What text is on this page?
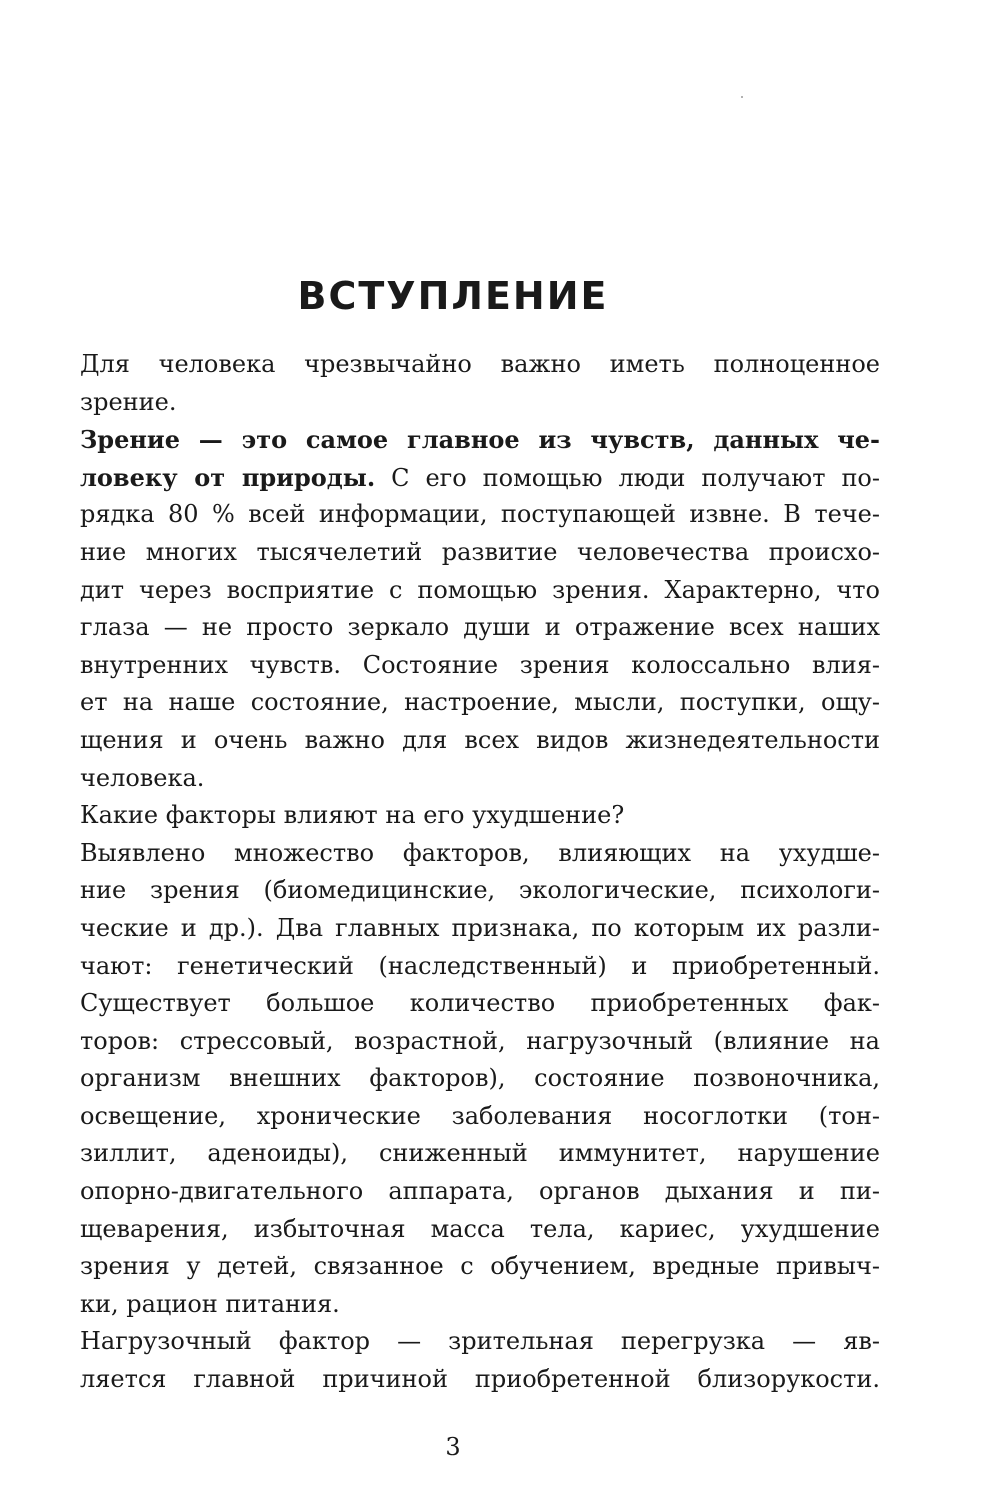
ВСТУПЛЕНИЕ
Для человека чрезвычайно важно иметь полноценное
зрение.
Зрение — это самое главное из чувств, данных че-
ловеку от природы. С его помощью люди получают по-
рядка 80 % всей информации, поступающей извне. В тече-
ние многих тысячелетий развитие человечества происхо-
дит через восприятие с помощью зрения. Характерно, что
глаза — не просто зеркало души и отражение всех наших
внутренних чувств. Состояние зрения колоссально влия-
ет на наше состояние, настроение, мысли, поступки, ощу-
щения и очень важно для всех видов жизнедеятельности
человека.
Какие факторы влияют на его ухудшение?
Выявлено множество факторов, влияющих на ухудше-
ние зрения (биомедицинские, экологические, психологи-
ческие и др.). Два главных признака, по которым их разли-
чают: генетический (наследственный) и приобретенный.
Существует большое количество приобретенных фак-
торов: стрессовый, возрастной, нагрузочный (влияние на
организм внешних факторов), состояние позвоночника,
освещение, хронические заболевания носоглотки (тон-
зиллит, аденоиды), сниженный иммунитет, нарушение
опорно-двигательного аппарата, органов дыхания и пи-
щеварения, избыточная масса тела, кариес, ухудшение
зрения у детей, связанное с обучением, вредные привыч-
ки, рацион питания.
Нагрузочный фактор — зрительная перегрузка — яв-
ляется главной причиной приобретенной близорукости.
3
